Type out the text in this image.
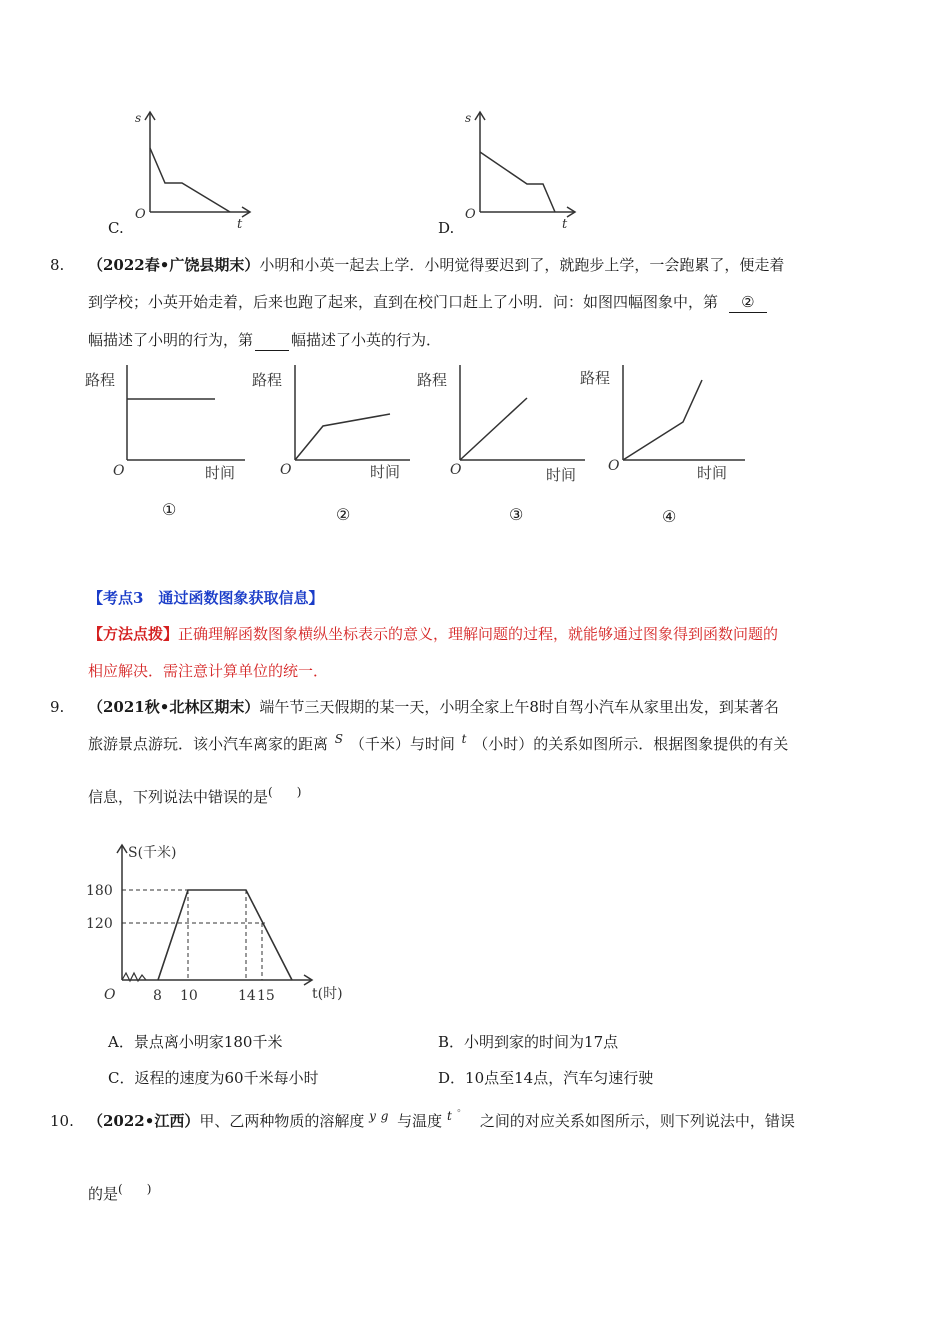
s
t
O
C.
s
t
O
D.
8. （2022春•广饶县期末）小明和小英一起去上学．小明觉得要迟到了，就跑步上学，一会跑累了，便走着
到学校；小英开始走着，后来也跑了起来，直到在校门口赶上了小明．问：如图四幅图象中，第 ②
幅描述了小明的行为，第	幅描述了小英的行为．
路程
时间
O
路程
时间
O
路程
时间
O
路程
时间
O
①	②	③	④
【考点3　通过函数图象获取信息】
【方法点拨】正确理解函数图象横纵坐标表示的意义，理解问题的过程，就能够通过图象得到函数问题的
相应解决．需注意计算单位的统一．
9. （2021秋•北林区期末）端午节三天假期的某一天，小明全家上午8时自驾小汽车从家里出发，到某著名
旅游景点游玩．该小汽车离家的距离 $^S$ （千米）与时间 $^t$ （小时）的关系如图所示．根据图象提供的有关
信息，下列说法中错误的是(　　)
S(千米)
t(时)
O
180
120
8 10	14 15
A．景点离小明家180千米	B．小明到家的时间为17点
C．返程的速度为60千米每小时	D．10点至14点，汽车匀速行驶
10. （2022•江西）甲、乙两种物质的溶解度 $^y$ $^g$ 与温度 $^t$ ° 之间的对应关系如图所示，则下列说法中，错误
的是(　　)
